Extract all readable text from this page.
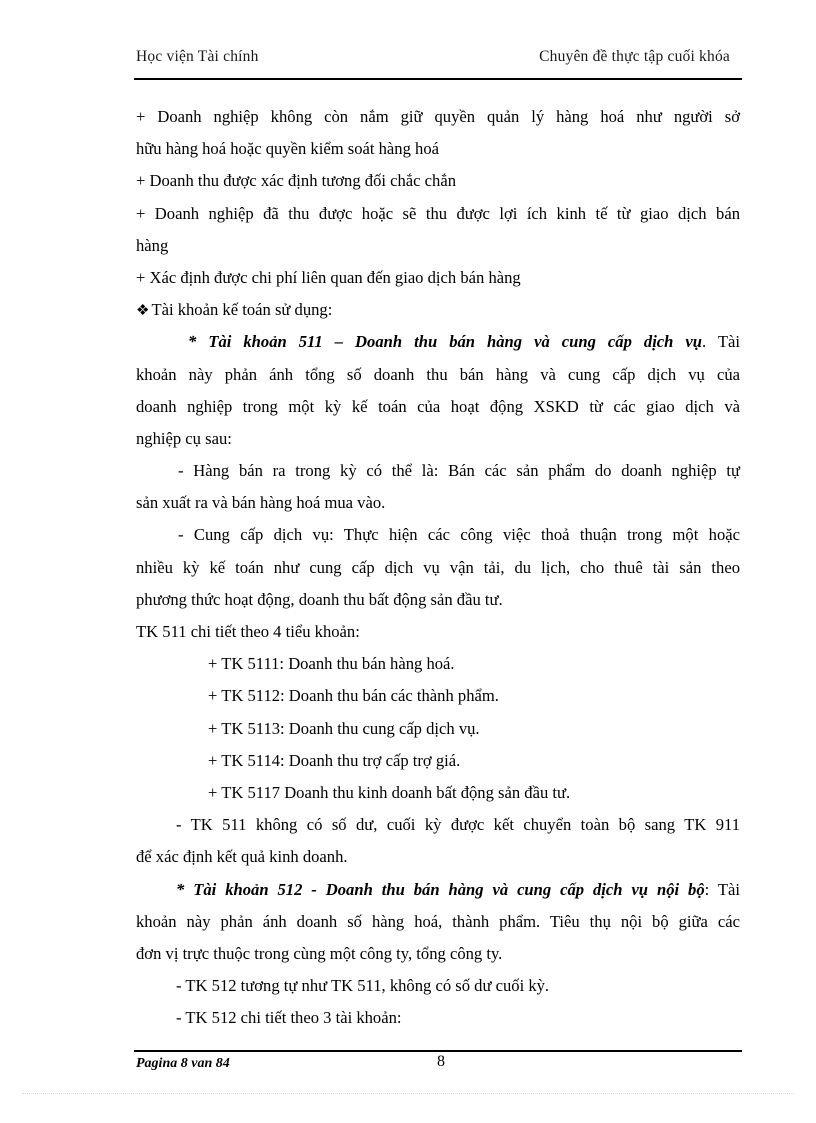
Học viện Tài chính	Chuyên đề thực tập cuối khóa
+ Doanh nghiệp không còn nắm giữ quyền quản lý hàng hoá như người sở
hữu hàng hoá hoặc quyền kiểm soát hàng hoá
+ Doanh thu được xác định tương đối chắc chắn
+ Doanh nghiệp đã thu được hoặc sẽ thu được lợi ích kinh tế từ giao dịch bán
hàng
+ Xác định được chi phí liên quan đến giao dịch bán hàng
❖ Tài khoản kế toán sử dụng:
* Tài khoản 511 – Doanh thu bán hàng và cung cấp dịch vụ. Tài
khoản này phản ánh tổng số doanh thu bán hàng và cung cấp dịch vụ của
doanh nghiệp trong một kỳ kế toán của hoạt động XSKD từ các giao dịch và
nghiệp cụ sau:
- Hàng bán ra trong kỳ có thể là: Bán các sản phẩm do doanh nghiệp tự
sản xuất ra và bán hàng hoá mua vào.
- Cung cấp dịch vụ: Thực hiện các công việc thoả thuận trong một hoặc
nhiều kỳ kế toán như cung cấp dịch vụ vận tải, du lịch, cho thuê tài sản theo
phương thức hoạt động, doanh thu bất động sản đầu tư.
TK 511 chi tiết theo 4 tiểu khoản:
+ TK 5111: Doanh thu bán hàng hoá.
+ TK 5112: Doanh thu bán các thành phẩm.
+ TK 5113: Doanh thu cung cấp dịch vụ.
+ TK 5114: Doanh thu trợ cấp trợ giá.
+ TK 5117 Doanh thu kinh doanh bất động sản đầu tư.
- TK 511 không có số dư, cuối kỳ được kết chuyển toàn bộ sang TK 911
để xác định kết quả kinh doanh.
* Tài khoản 512 - Doanh thu bán hàng và cung cấp dịch vụ nội bộ: Tài
khoản này phản ánh doanh số hàng hoá, thành phẩm. Tiêu thụ nội bộ giữa các
đơn vị trực thuộc trong cùng một công ty, tổng công ty.
- TK 512 tương tự như TK 511, không có số dư cuối kỳ.
- TK 512 chi tiết theo 3 tài khoản:
Pagina 8 van 84	8
